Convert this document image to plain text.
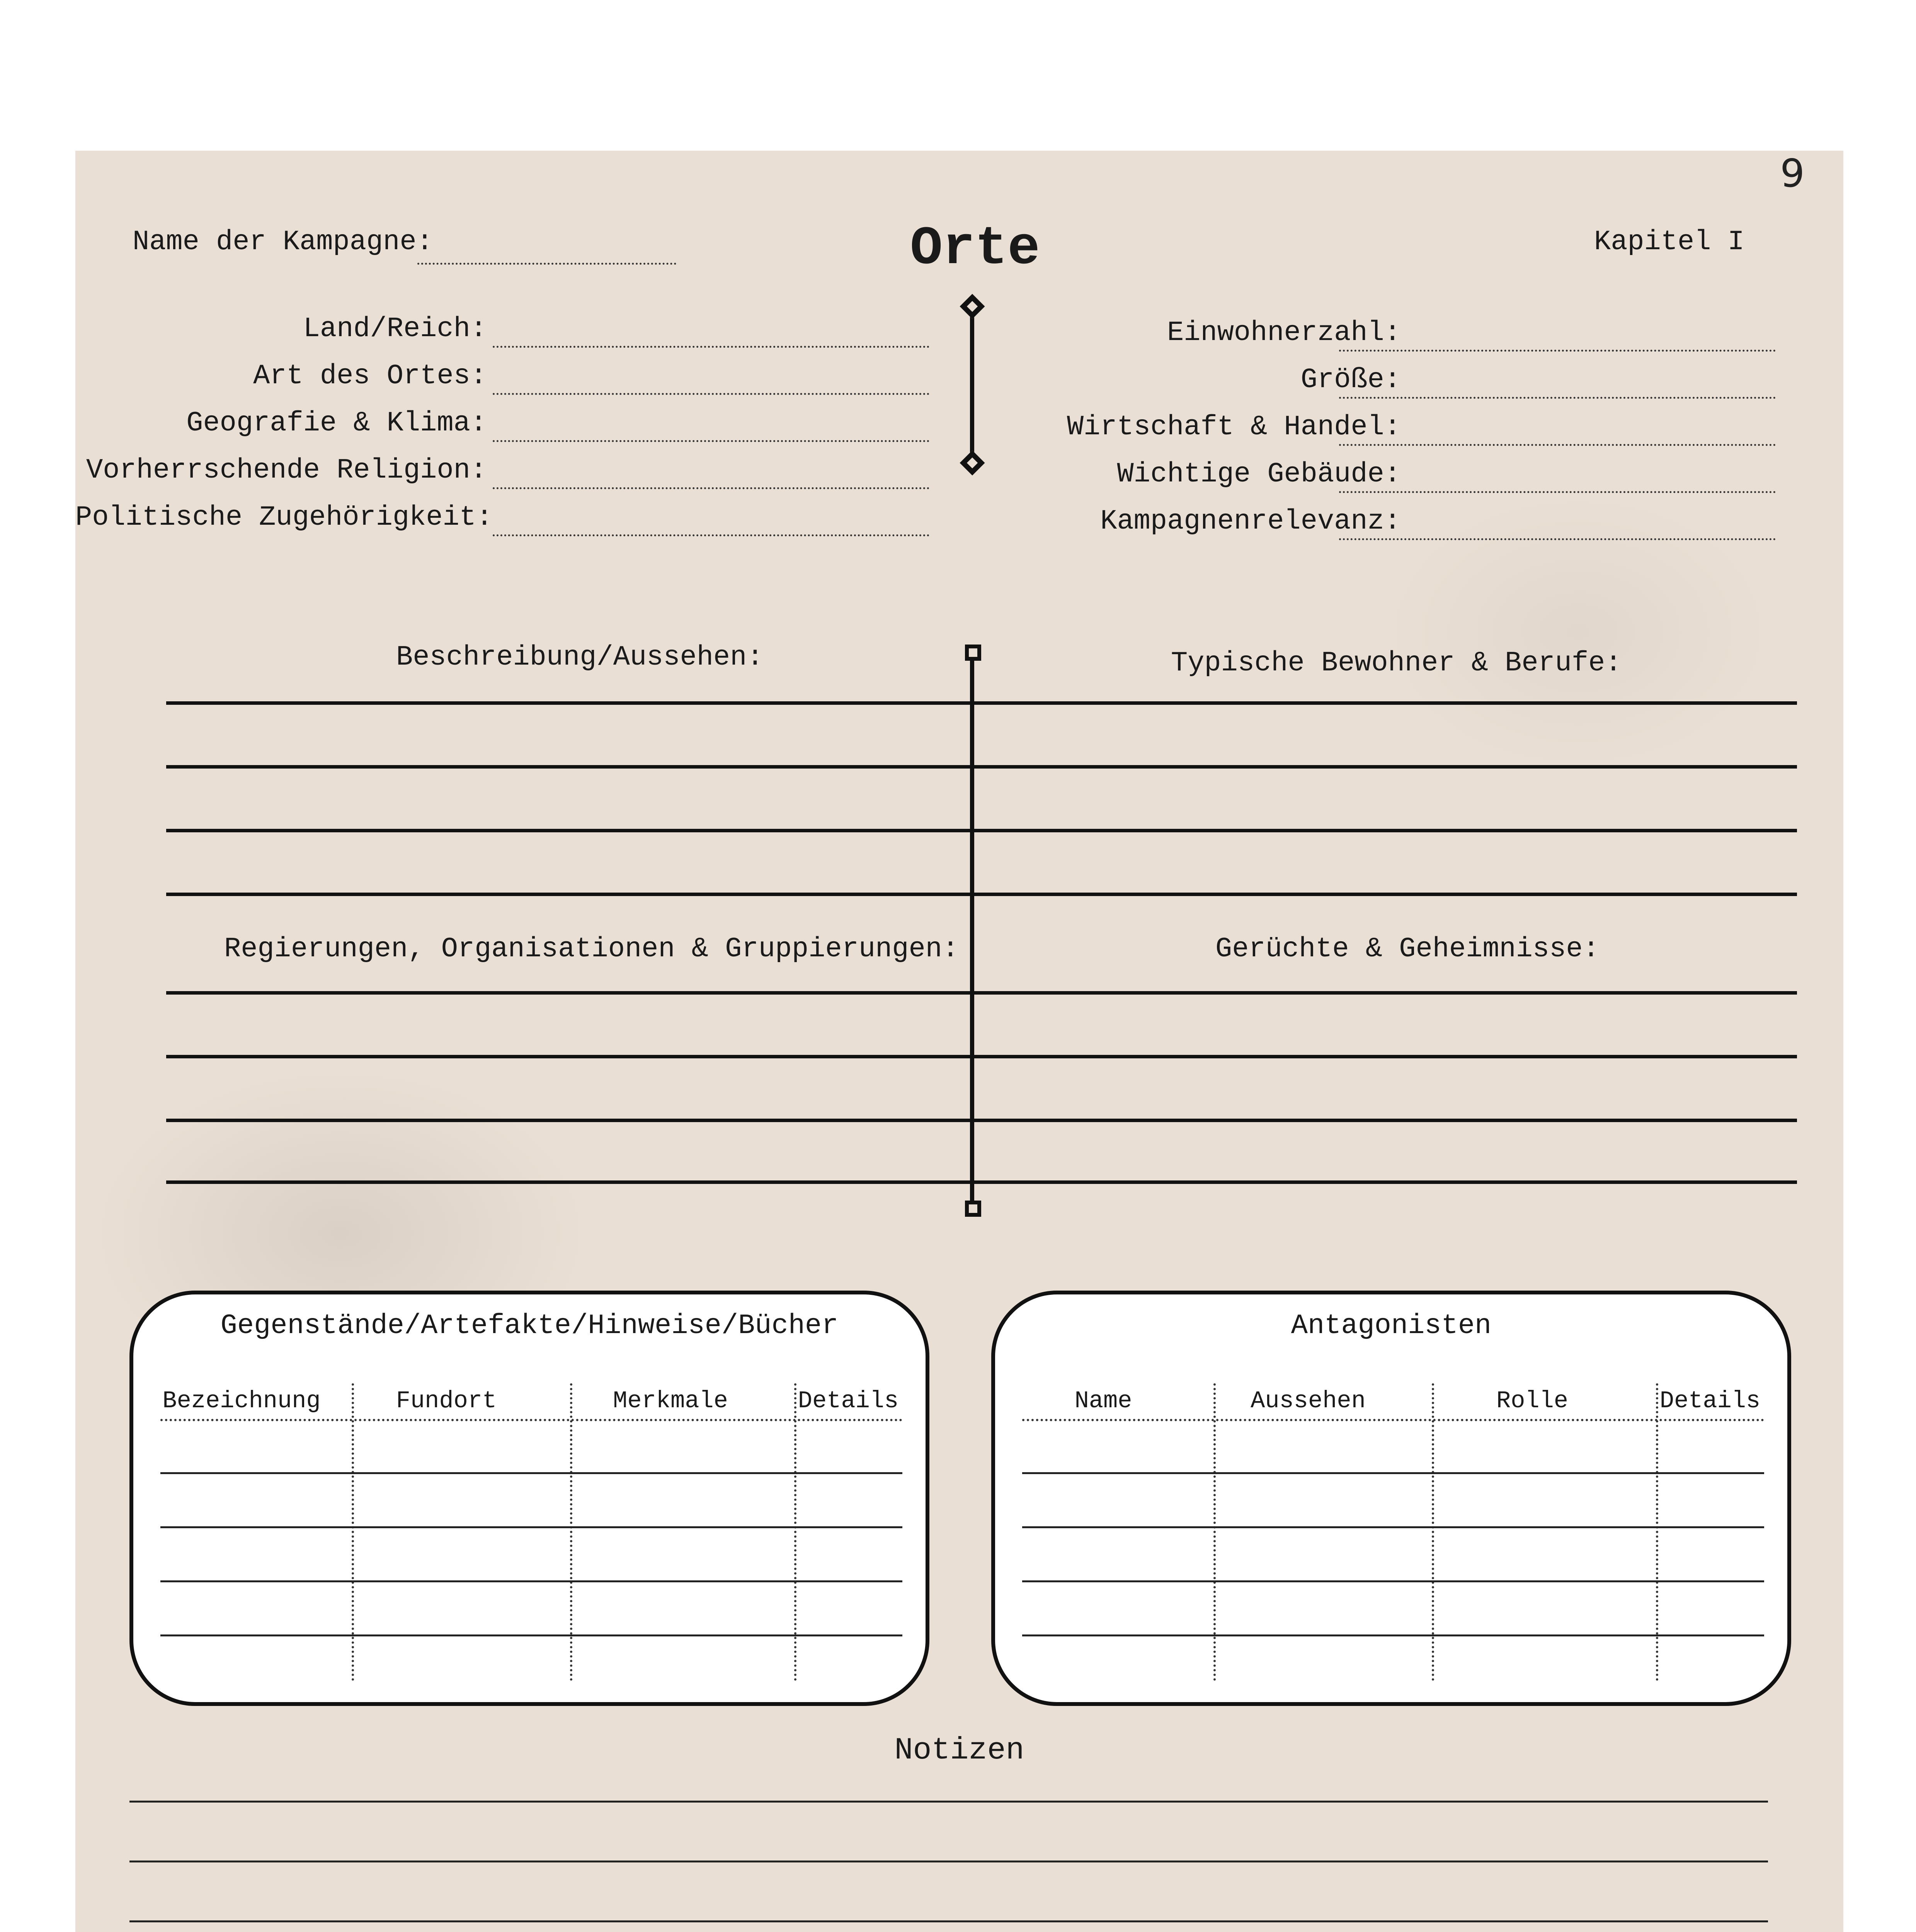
9
Name der Kampagne:	Orte	Kapitel I
Land/Reich:
Art des Ortes:
Geografie & Klima:
Vorherrschende Religion:
Politische Zugehörigkeit:
Einwohnerzahl:
Größe:
Wirtschaft & Handel:
Wichtige Gebäude:
Kampagnenrelevanz:
Beschreibung/Aussehen:	Typische Bewohner & Berufe:
Regierungen, Organisationen & Gruppierungen:	Gerüchte & Geheimnisse:
Gegenstände/Artefakte/Hinweise/Bücher
Bezeichnung	Fundort	Merkmale	Details
Antagonisten
Name	Aussehen	Rolle	Details
Notizen
